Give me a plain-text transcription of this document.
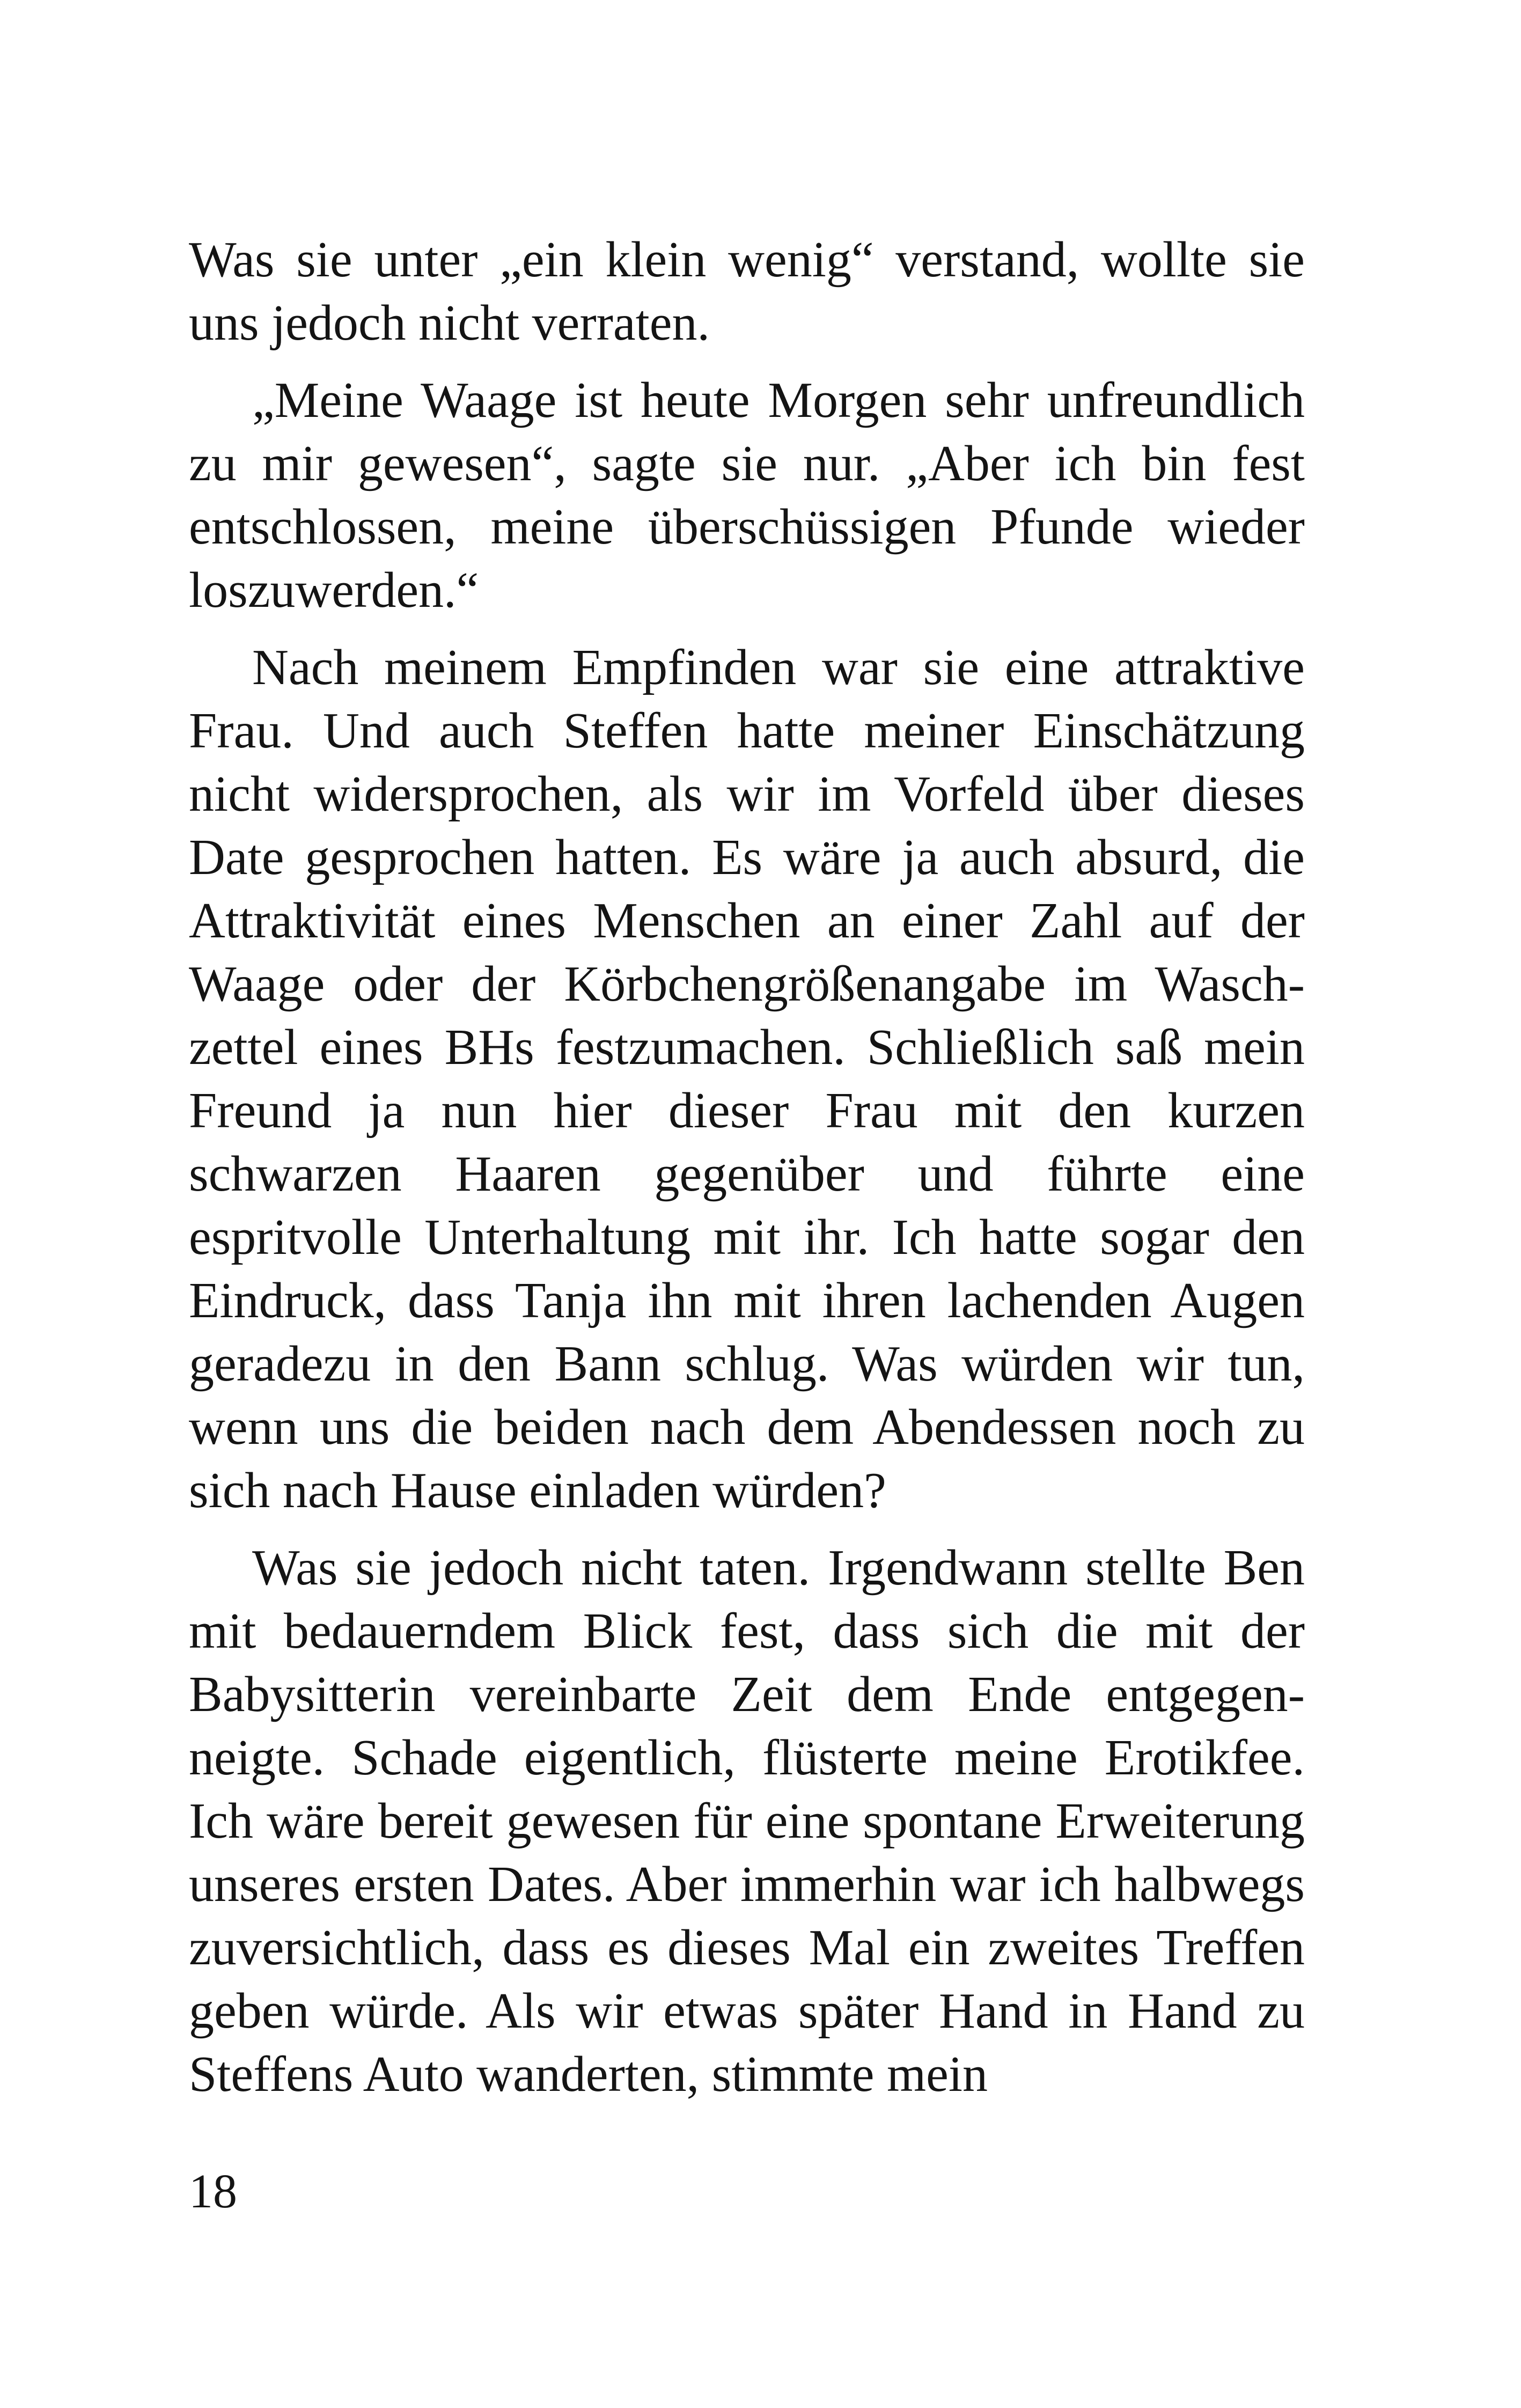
Was sie unter „ein klein wenig“ verstand, wollte sie uns jedoch nicht verraten.

„Meine Waage ist heute Morgen sehr unfreundlich zu mir gewesen“, sagte sie nur. „Aber ich bin fest entschlossen, meine überschüssigen Pfunde wieder loszuwerden.“

Nach meinem Empfinden war sie eine attraktive Frau. Und auch Steffen hatte meiner Einschätzung nicht widersprochen, als wir im Vorfeld über dieses Date gesprochen hatten. Es wäre ja auch absurd, die Attraktivität eines Menschen an einer Zahl auf der Waage oder der Körbchengrößenangabe im Waschzettel eines BHs festzumachen. Schließlich saß mein Freund ja nun hier dieser Frau mit den kurzen schwarzen Haaren gegenüber und führte eine espritvolle Unterhaltung mit ihr. Ich hatte sogar den Eindruck, dass Tanja ihn mit ihren lachenden Augen geradezu in den Bann schlug. Was würden wir tun, wenn uns die beiden nach dem Abendessen noch zu sich nach Hause einladen würden?

Was sie jedoch nicht taten. Irgendwann stellte Ben mit bedauerndem Blick fest, dass sich die mit der Babysitterin vereinbarte Zeit dem Ende entgegenneigte. Schade eigentlich, flüsterte meine Erotikfee. Ich wäre bereit gewesen für eine spontane Erweiterung unseres ersten Dates. Aber immerhin war ich halbwegs zuversichtlich, dass es dieses Mal ein zweites Treffen geben würde. Als wir etwas später Hand in Hand zu Steffens Auto wanderten, stimmte mein

18
